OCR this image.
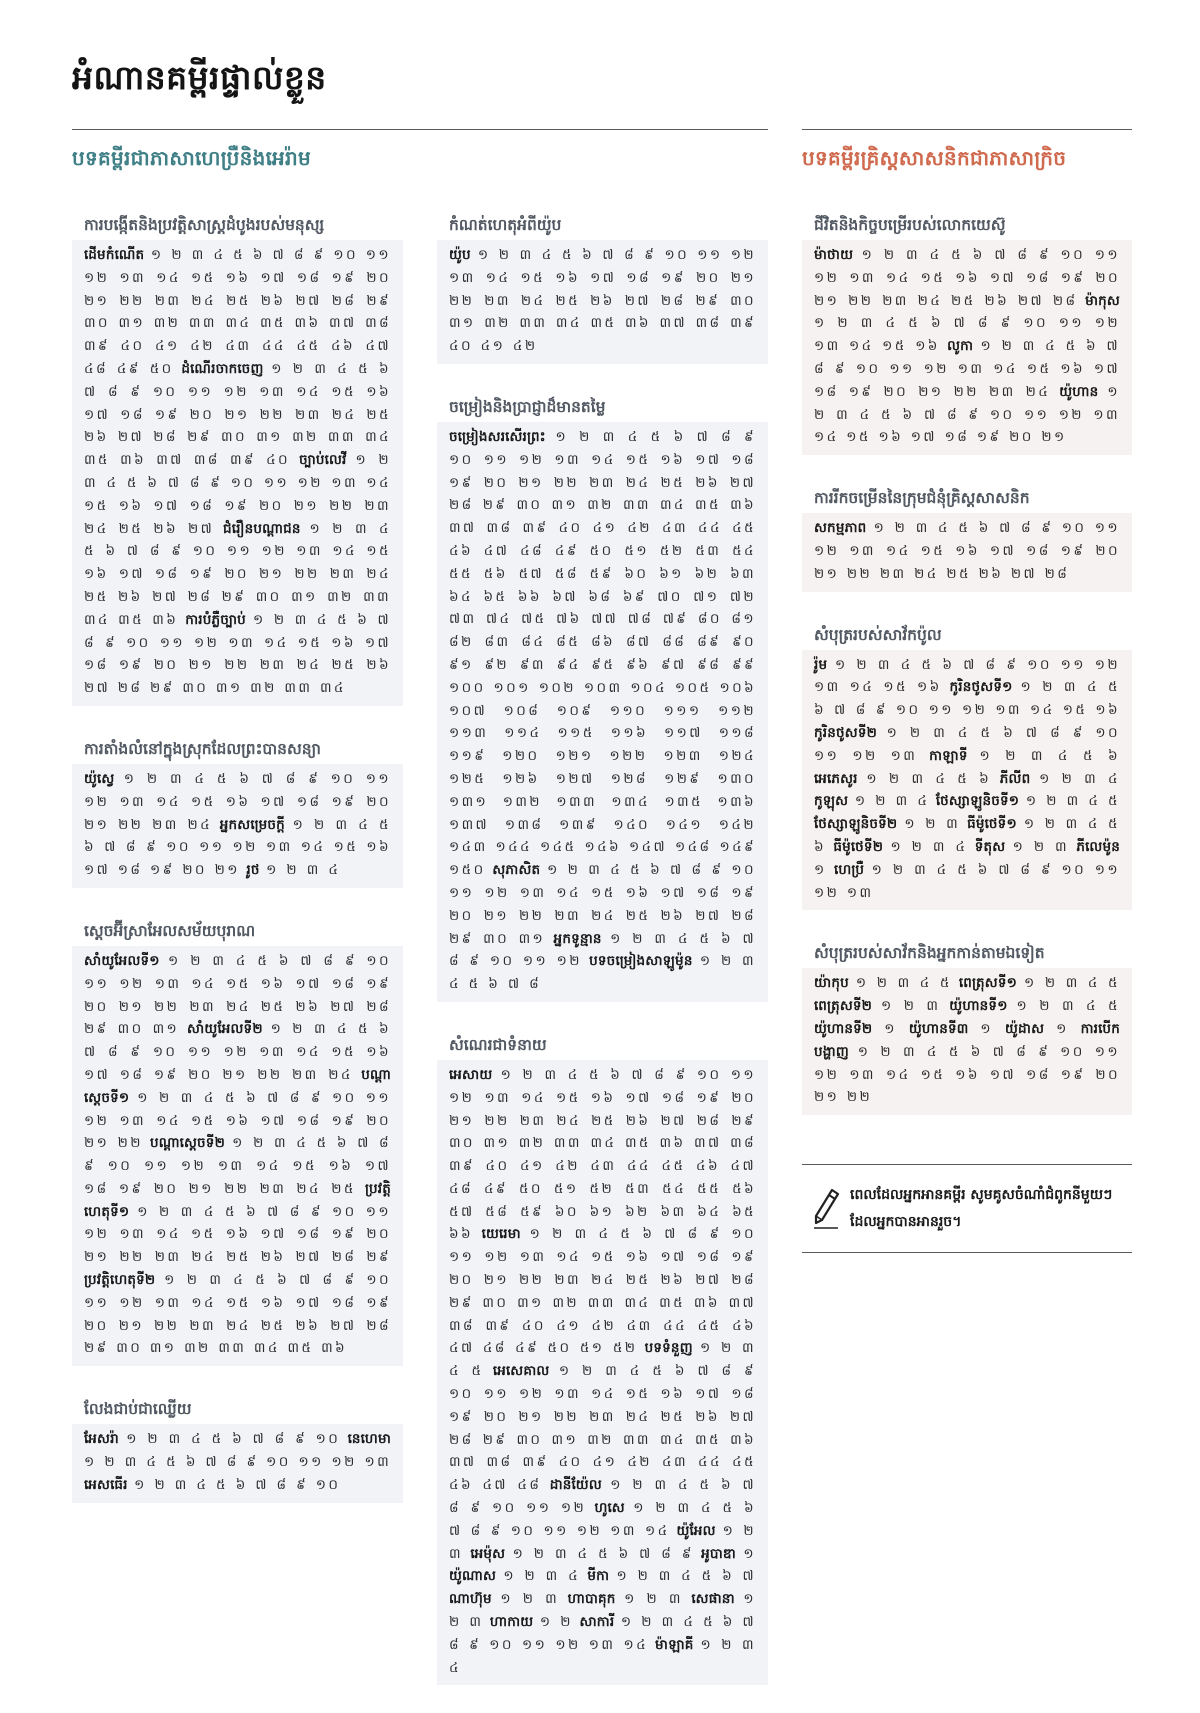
អំណានគម្ពីរផ្ទាល់ខ្លួន
បទគម្ពីរជាភាសាហេប្រឺនិងអេរ៉ាម	បទគម្ពីរគ្រិស្តសាសនិកជាភាសាក្រិច
ការបង្កើតនិងប្រវត្តិសាស្ត្រដំបូងរបស់មនុស្ស
ដើមកំណើត ១ ២ ៣ ៤ ៥ ៦ ៧ ៨ ៩ ១០ ១១ ១២ ១៣ ១៤ ១៥ ១៦ ១៧ ១៨ ១៩ ២០ ២១ ២២ ២៣ ២៤ ២៥ ២៦ ២៧ ២៨ ២៩ ៣០ ៣១ ៣២ ៣៣ ៣៤ ៣៥ ៣៦ ៣៧ ៣៨ ៣៩ ៤០ ៤១ ៤២ ៤៣ ៤៤ ៤៥ ៤៦ ៤៧ ៤៨ ៤៩ ៥០ ដំណើរចាកចេញ ១ ២ ៣ ៤ ៥ ៦ ៧ ៨ ៩ ១០ ១១ ១២ ១៣ ១៤ ១៥ ១៦ ១៧ ១៨ ១៩ ២០ ២១ ២២ ២៣ ២៤ ២៥ ២៦ ២៧ ២៨ ២៩ ៣០ ៣១ ៣២ ៣៣ ៣៤ ៣៥ ៣៦ ៣៧ ៣៨ ៣៩ ៤០ ច្បាប់លេវី ១ ២ ៣ ៤ ៥ ៦ ៧ ៨ ៩ ១០ ១១ ១២ ១៣ ១៤ ១៥ ១៦ ១៧ ១៨ ១៩ ២០ ២១ ២២ ២៣ ២៤ ២៥ ២៦ ២៧ ជំរឿនបណ្ដាជន ១ ២ ៣ ៤ ៥ ៦ ៧ ៨ ៩ ១០ ១១ ១២ ១៣ ១៤ ១៥ ១៦ ១៧ ១៨ ១៩ ២០ ២១ ២២ ២៣ ២៤ ២៥ ២៦ ២៧ ២៨ ២៩ ៣០ ៣១ ៣២ ៣៣ ៣៤ ៣៥ ៣៦ ការបំភ្លឺច្បាប់ ១ ២ ៣ ៤ ៥ ៦ ៧ ៨ ៩ ១០ ១១ ១២ ១៣ ១៤ ១៥ ១៦ ១៧ ១៨ ១៩ ២០ ២១ ២២ ២៣ ២៤ ២៥ ២៦ ២៧ ២៨ ២៩ ៣០ ៣១ ៣២ ៣៣ ៣៤
ការតាំងលំនៅក្នុងស្រុកដែលព្រះបានសន្យា
យ៉ូស្វេ ១ ២ ៣ ៤ ៥ ៦ ៧ ៨ ៩ ១០ ១១ ១២ ១៣ ១៤ ១៥ ១៦ ១៧ ១៨ ១៩ ២០ ២១ ២២ ២៣ ២៤ អ្នកសម្រេចក្ដី ១ ២ ៣ ៤ ៥ ៦ ៧ ៨ ៩ ១០ ១១ ១២ ១៣ ១៤ ១៥ ១៦ ១៧ ១៨ ១៩ ២០ ២១ រូថ ១ ២ ៣ ៤
ស្ដេចអ៊ីស្រាអែលសម័យបុរាណ
សាំយូអែលទី១ ១ ២ ៣ ៤ ៥ ៦ ៧ ៨ ៩ ១០ ១១ ១២ ១៣ ១៤ ១៥ ១៦ ១៧ ១៨ ១៩ ២០ ២១ ២២ ២៣ ២៤ ២៥ ២៦ ២៧ ២៨ ២៩ ៣០ ៣១ សាំយូអែលទី២ ១ ២ ៣ ៤ ៥ ៦ ៧ ៨ ៩ ១០ ១១ ១២ ១៣ ១៤ ១៥ ១៦ ១៧ ១៨ ១៩ ២០ ២១ ២២ ២៣ ២៤ បណ្ដាស្ដេចទី១ ១ ២ ៣ ៤ ៥ ៦ ៧ ៨ ៩ ១០ ១១ ១២ ១៣ ១៤ ១៥ ១៦ ១៧ ១៨ ១៩ ២០ ២១ ២២ បណ្ដាស្ដេចទី២ ១ ២ ៣ ៤ ៥ ៦ ៧ ៨ ៩ ១០ ១១ ១២ ១៣ ១៤ ១៥ ១៦ ១៧ ១៨ ១៩ ២០ ២១ ២២ ២៣ ២៤ ២៥ ប្រវត្តិហេតុទី១ ១ ២ ៣ ៤ ៥ ៦ ៧ ៨ ៩ ១០ ១១ ១២ ១៣ ១៤ ១៥ ១៦ ១៧ ១៨ ១៩ ២០ ២១ ២២ ២៣ ២៤ ២៥ ២៦ ២៧ ២៨ ២៩ ប្រវត្តិហេតុទី២ ១ ២ ៣ ៤ ៥ ៦ ៧ ៨ ៩ ១០ ១១ ១២ ១៣ ១៤ ១៥ ១៦ ១៧ ១៨ ១៩ ២០ ២១ ២២ ២៣ ២៤ ២៥ ២៦ ២៧ ២៨ ២៩ ៣០ ៣១ ៣២ ៣៣ ៣៤ ៣៥ ៣៦
លែងជាប់ជាឈ្លើយ
អែសរ៉ា ១ ២ ៣ ៤ ៥ ៦ ៧ ៨ ៩ ១០ នេហេមា ១ ២ ៣ ៤ ៥ ៦ ៧ ៨ ៩ ១០ ១១ ១២ ១៣ អេសធើរ ១ ២ ៣ ៤ ៥ ៦ ៧ ៨ ៩ ១០
កំណត់ហេតុអំពីយ៉ូប
យ៉ូប ១ ២ ៣ ៤ ៥ ៦ ៧ ៨ ៩ ១០ ១១ ១២ ១៣ ១៤ ១៥ ១៦ ១៧ ១៨ ១៩ ២០ ២១ ២២ ២៣ ២៤ ២៥ ២៦ ២៧ ២៨ ២៩ ៣០ ៣១ ៣២ ៣៣ ៣៤ ៣៥ ៣៦ ៣៧ ៣៨ ៣៩ ៤០ ៤១ ៤២
ចម្រៀងនិងប្រាជ្ញាដ៏មានតម្លៃ
ចម្រៀងសរសើរព្រះ ១ ២ ៣ ៤ ៥ ៦ ៧ ៨ ៩ ១០ ១១ ១២ ១៣ ១៤ ១៥ ១៦ ១៧ ១៨ ១៩ ២០ ២១ ២២ ២៣ ២៤ ២៥ ២៦ ២៧ ២៨ ២៩ ៣០ ៣១ ៣២ ៣៣ ៣៤ ៣៥ ៣៦ ៣៧ ៣៨ ៣៩ ៤០ ៤១ ៤២ ៤៣ ៤៤ ៤៥ ៤៦ ៤៧ ៤៨ ៤៩ ៥០ ៥១ ៥២ ៥៣ ៥៤ ៥៥ ៥៦ ៥៧ ៥៨ ៥៩ ៦០ ៦១ ៦២ ៦៣ ៦៤ ៦៥ ៦៦ ៦៧ ៦៨ ៦៩ ៧០ ៧១ ៧២ ៧៣ ៧៤ ៧៥ ៧៦ ៧៧ ៧៨ ៧៩ ៨០ ៨១ ៨២ ៨៣ ៨៤ ៨៥ ៨៦ ៨៧ ៨៨ ៨៩ ៩០ ៩១ ៩២ ៩៣ ៩៤ ៩៥ ៩៦ ៩៧ ៩៨ ៩៩ ១០០ ១០១ ១០២ ១០៣ ១០៤ ១០៥ ១០៦ ១០៧ ១០៨ ១០៩ ១១០ ១១១ ១១២ ១១៣ ១១៤ ១១៥ ១១៦ ១១៧ ១១៨ ១១៩ ១២០ ១២១ ១២២ ១២៣ ១២៤ ១២៥ ១២៦ ១២៧ ១២៨ ១២៩ ១៣០ ១៣១ ១៣២ ១៣៣ ១៣៤ ១៣៥ ១៣៦ ១៣៧ ១៣៨ ១៣៩ ១៤០ ១៤១ ១៤២ ១៤៣ ១៤៤ ១៤៥ ១៤៦ ១៤៧ ១៤៨ ១៤៩ ១៥០ សុភាសិត ១ ២ ៣ ៤ ៥ ៦ ៧ ៨ ៩ ១០ ១១ ១២ ១៣ ១៤ ១៥ ១៦ ១៧ ១៨ ១៩ ២០ ២១ ២២ ២៣ ២៤ ២៥ ២៦ ២៧ ២៨ ២៩ ៣០ ៣១ អ្នកទូន្មាន ១ ២ ៣ ៤ ៥ ៦ ៧ ៨ ៩ ១០ ១១ ១២ បទចម្រៀងសាឡូម៉ូន ១ ២ ៣ ៤ ៥ ៦ ៧ ៨
សំណេរជាទំនាយ
អេសាយ ១ ២ ៣ ៤ ៥ ៦ ៧ ៨ ៩ ១០ ១១ ១២ ១៣ ១៤ ១៥ ១៦ ១៧ ១៨ ១៩ ២០ ២១ ២២ ២៣ ២៤ ២៥ ២៦ ២៧ ២៨ ២៩ ៣០ ៣១ ៣២ ៣៣ ៣៤ ៣៥ ៣៦ ៣៧ ៣៨ ៣៩ ៤០ ៤១ ៤២ ៤៣ ៤៤ ៤៥ ៤៦ ៤៧ ៤៨ ៤៩ ៥០ ៥១ ៥២ ៥៣ ៥៤ ៥៥ ៥៦ ៥៧ ៥៨ ៥៩ ៦០ ៦១ ៦២ ៦៣ ៦៤ ៦៥ ៦៦ យេរេមា ១ ២ ៣ ៤ ៥ ៦ ៧ ៨ ៩ ១០ ១១ ១២ ១៣ ១៤ ១៥ ១៦ ១៧ ១៨ ១៩ ២០ ២១ ២២ ២៣ ២៤ ២៥ ២៦ ២៧ ២៨ ២៩ ៣០ ៣១ ៣២ ៣៣ ៣៤ ៣៥ ៣៦ ៣៧ ៣៨ ៣៩ ៤០ ៤១ ៤២ ៤៣ ៤៤ ៤៥ ៤៦ ៤៧ ៤៨ ៤៩ ៥០ ៥១ ៥២ បទទំនួញ ១ ២ ៣ ៤ ៥ អេសេគាល ១ ២ ៣ ៤ ៥ ៦ ៧ ៨ ៩ ១០ ១១ ១២ ១៣ ១៤ ១៥ ១៦ ១៧ ១៨ ១៩ ២០ ២១ ២២ ២៣ ២៤ ២៥ ២៦ ២៧ ២៨ ២៩ ៣០ ៣១ ៣២ ៣៣ ៣៤ ៣៥ ៣៦ ៣៧ ៣៨ ៣៩ ៤០ ៤១ ៤២ ៤៣ ៤៤ ៤៥ ៤៦ ៤៧ ៤៨ ដានីយ៉ែល ១ ២ ៣ ៤ ៥ ៦ ៧ ៨ ៩ ១០ ១១ ១២ ហូសេ ១ ២ ៣ ៤ ៥ ៦ ៧ ៨ ៩ ១០ ១១ ១២ ១៣ ១៤ យ៉ូអែល ១ ២ ៣ អេម៉ុស ១ ២ ៣ ៤ ៥ ៦ ៧ ៨ ៩ អូបាឌា ១ យ៉ូណាស ១ ២ ៣ ៤ មីកា ១ ២ ៣ ៤ ៥ ៦ ៧ ណាហ៊ុម ១ ២ ៣ ហាបាគុក ១ ២ ៣ សេផានា ១ ២ ៣ ហាកាយ ១ ២ សាការី ១ ២ ៣ ៤ ៥ ៦ ៧ ៨ ៩ ១០ ១១ ១២ ១៣ ១៤ ម៉ាឡាគី ១ ២ ៣ ៤
ជីវិតនិងកិច្ចបម្រើរបស់លោកយេស៊ូ
ម៉ាថាយ ១ ២ ៣ ៤ ៥ ៦ ៧ ៨ ៩ ១០ ១១ ១២ ១៣ ១៤ ១៥ ១៦ ១៧ ១៨ ១៩ ២០ ២១ ២២ ២៣ ២៤ ២៥ ២៦ ២៧ ២៨ ម៉ាកុស ១ ២ ៣ ៤ ៥ ៦ ៧ ៨ ៩ ១០ ១១ ១២ ១៣ ១៤ ១៥ ១៦ លូកា ១ ២ ៣ ៤ ៥ ៦ ៧ ៨ ៩ ១០ ១១ ១២ ១៣ ១៤ ១៥ ១៦ ១៧ ១៨ ១៩ ២០ ២១ ២២ ២៣ ២៤ យ៉ូហាន ១ ២ ៣ ៤ ៥ ៦ ៧ ៨ ៩ ១០ ១១ ១២ ១៣ ១៤ ១៥ ១៦ ១៧ ១៨ ១៩ ២០ ២១
ការរីកចម្រើននៃក្រុមជំនុំគ្រិស្តសាសនិក
សកម្មភាព ១ ២ ៣ ៤ ៥ ៦ ៧ ៨ ៩ ១០ ១១ ១២ ១៣ ១៤ ១៥ ១៦ ១៧ ១៨ ១៩ ២០ ២១ ២២ ២៣ ២៤ ២៥ ២៦ ២៧ ២៨
សំបុត្ររបស់សាវ័កប៉ូល
រ៉ូម ១ ២ ៣ ៤ ៥ ៦ ៧ ៨ ៩ ១០ ១១ ១២ ១៣ ១៤ ១៥ ១៦ កូរិនថូសទី១ ១ ២ ៣ ៤ ៥ ៦ ៧ ៨ ៩ ១០ ១១ ១២ ១៣ ១៤ ១៥ ១៦ កូរិនថូសទី២ ១ ២ ៣ ៤ ៥ ៦ ៧ ៨ ៩ ១០ ១១ ១២ ១៣ កាឡាទី ១ ២ ៣ ៤ ៥ ៦ អេភេសូរ ១ ២ ៣ ៤ ៥ ៦ ភីលីព ១ ២ ៣ ៤ កូឡុស ១ ២ ៣ ៤ ថែស្សាឡូនិចទី១ ១ ២ ៣ ៤ ៥ ថែស្សាឡូនិចទី២ ១ ២ ៣ ធីម៉ូថេទី១ ១ ២ ៣ ៤ ៥ ៦ ធីម៉ូថេទី២ ១ ២ ៣ ៤ ទីតុស ១ ២ ៣ ភីលេម៉ូន ១ ហេប្រឺ ១ ២ ៣ ៤ ៥ ៦ ៧ ៨ ៩ ១០ ១១ ១២ ១៣
សំបុត្ររបស់សាវ័កនិងអ្នកកាន់តាមឯទៀត
យ៉ាកុប ១ ២ ៣ ៤ ៥ ពេត្រុសទី១ ១ ២ ៣ ៤ ៥ ពេត្រុសទី២ ១ ២ ៣ យ៉ូហានទី១ ១ ២ ៣ ៤ ៥ យ៉ូហានទី២ ១ យ៉ូហានទី៣ ១ យ៉ូដាស ១ ការបើកបង្ហាញ ១ ២ ៣ ៤ ៥ ៦ ៧ ៨ ៩ ១០ ១១ ១២ ១៣ ១៤ ១៥ ១៦ ១៧ ១៨ ១៩ ២០ ២១ ២២
ពេលដែលអ្នកអានគម្ពីរ សូមគូសចំណាំជំពូកនីមួយៗដែលអ្នកបានអានរួច។
